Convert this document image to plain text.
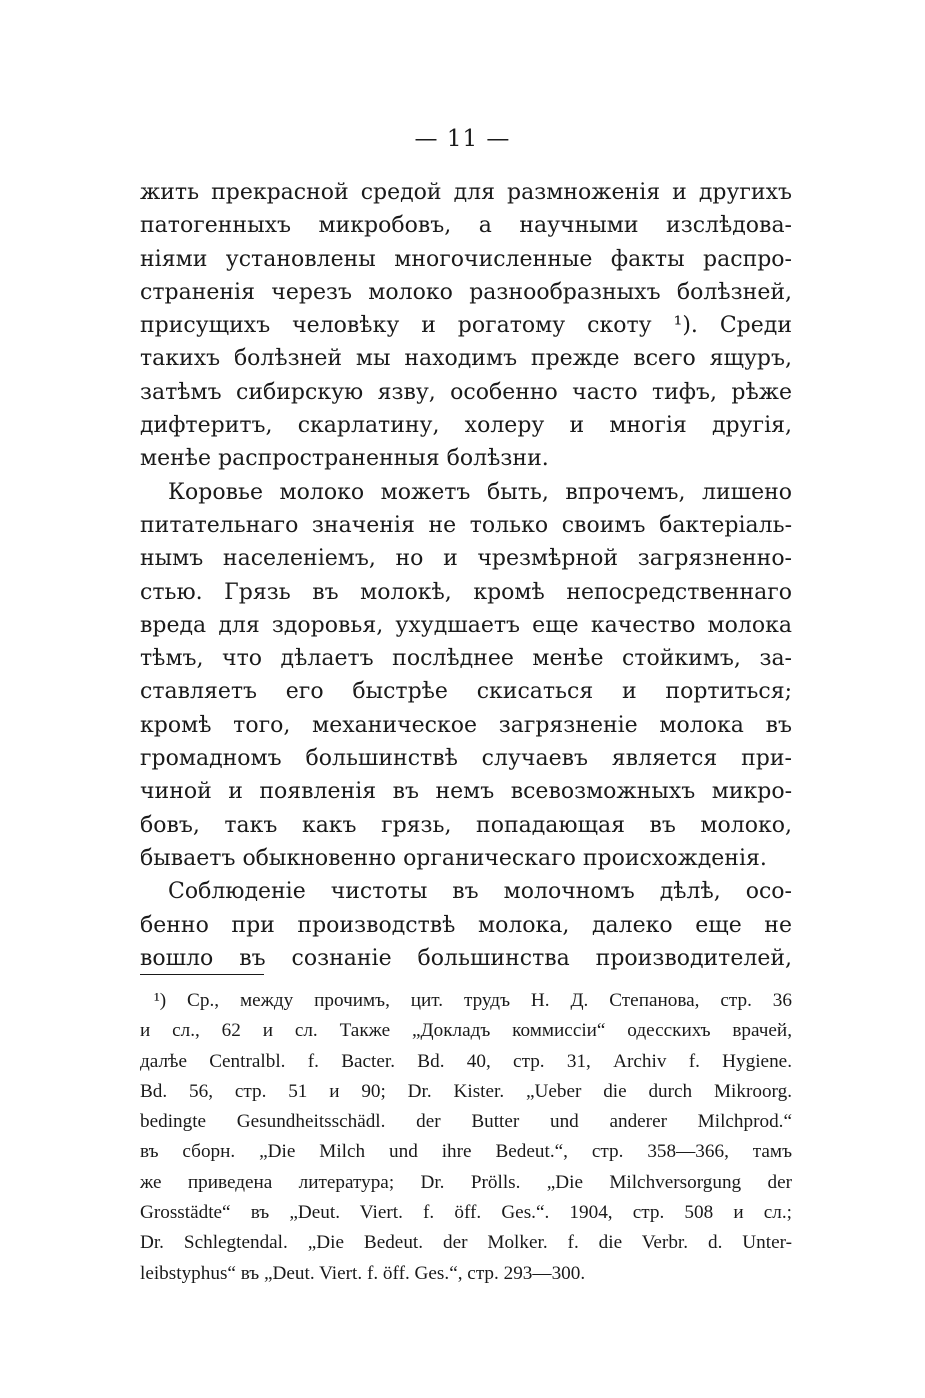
— 11 —
жить прекрасной средой для размноженія и другихъ
патогенныхъ микробовъ, а научными изслѣдова-
ніями установлены многочисленные факты распро-
страненія черезъ молоко разнообразныхъ болѣзней,
присущихъ человѣку и рогатому скоту ¹). Среди
такихъ болѣзней мы находимъ прежде всего ящуръ,
затѣмъ сибирскую язву, особенно часто тифъ, рѣже
дифтеритъ, скарлатину, холеру и многія другія,
менѣе распространенныя болѣзни.
Коровье молоко можетъ быть, впрочемъ, лишено
питательнаго значенія не только своимъ бактеріаль-
нымъ населеніемъ, но и чрезмѣрной загрязненно-
стью. Грязь въ молокѣ, кромѣ непосредственнаго
вреда для здоровья, ухудшаетъ еще качество молока
тѣмъ, что дѣлаетъ послѣднее менѣе стойкимъ, за-
ставляетъ его быстрѣе скисаться и портиться;
кромѣ того, механическое загрязненіе молока въ
громадномъ большинствѣ случаевъ является при-
чиной и появленія въ немъ всевозможныхъ микро-
бовъ, такъ какъ грязь, попадающая въ молоко,
бываетъ обыкновенно органическаго происхожденія.
Соблюденіе чистоты въ молочномъ дѣлѣ, осо-
бенно при производствѣ молока, далеко еще не
вошло въ сознаніе большинства производителей,
¹) Ср., между прочимъ, цит. трудъ Н. Д. Степанова, стр. 36
и сл., 62 и сл. Также „Докладъ коммиссіи“ одесскихъ врачей,
далѣе Centralbl. f. Bacter. Bd. 40, стр. 31, Archiv f. Hygiene.
Bd. 56, стр. 51 и 90; Dr. Kister. „Ueber die durch Mikroorg.
bedingte Gesundheitsschädl. der Butter und anderer Milchprod.“
въ сборн. „Die Milch und ihre Bedeut.“, стр. 358—366, тамъ
же приведена литература; Dr. Prölls. „Die Milchversorgung der
Grosstädte“ въ „Deut. Viert. f. öff. Ges.“. 1904, стр. 508 и сл.;
Dr. Schlegtendal. „Die Bedeut. der Molker. f. die Verbr. d. Unter-
leibstyphus“ въ „Deut. Viert. f. öff. Ges.“, стр. 293—300.
